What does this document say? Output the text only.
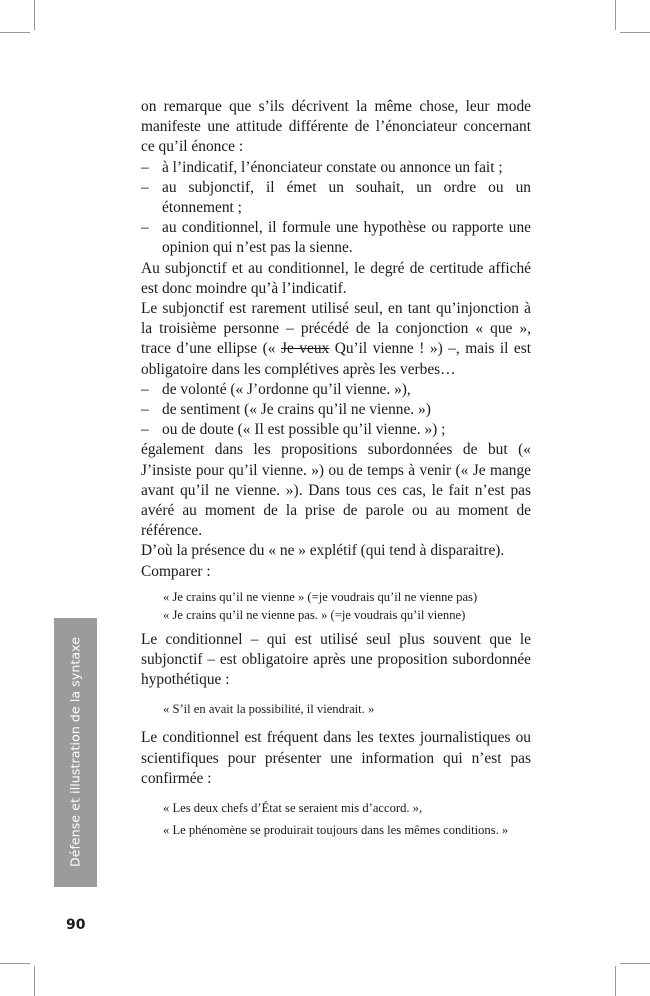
on remarque que s’ils décrivent la même chose, leur mode manifeste une attitude différente de l’énonciateur concernant ce qu’il énonce :

– à l’indicatif, l’énonciateur constate ou annonce un fait ;
– au subjonctif, il émet un souhait, un ordre ou un étonnement ;
– au conditionnel, il formule une hypothèse ou rapporte une opinion qui n’est pas la sienne.

Au subjonctif et au conditionnel, le degré de certitude affiché est donc moindre qu’à l’indicatif.

Le subjonctif est rarement utilisé seul, en tant qu’injonction à la troisième personne – précédé de la conjonction « que », trace d’une ellipse (« Je veux Qu’il vienne ! ») –, mais il est obligatoire dans les complétives après les verbes…

– de volonté (« J’ordonne qu’il vienne. »),
– de sentiment (« Je crains qu’il ne vienne. »)
– ou de doute (« Il est possible qu’il vienne. ») ;

également dans les propositions subordonnées de but (« J’insiste pour qu’il vienne. ») ou de temps à venir (« Je mange avant qu’il ne vienne. »). Dans tous ces cas, le fait n’est pas avéré au moment de la prise de parole ou au moment de référence.

D’où la présence du « ne » explétif (qui tend à disparaitre).

Comparer :

« Je crains qu’il ne vienne » (=je voudrais qu’il ne vienne pas)

« Je crains qu’il ne vienne pas. » (=je voudrais qu’il vienne)

Le conditionnel – qui est utilisé seul plus souvent que le subjonctif – est obligatoire après une proposition subordonnée hypothétique :

« S’il en avait la possibilité, il viendrait. »

Le conditionnel est fréquent dans les textes journalistiques ou scientifiques pour présenter une information qui n’est pas confirmée :

« Les deux chefs d’État se seraient mis d’accord. »,

« Le phénomène se produirait toujours dans les mêmes conditions. »

Défense et illustration de la syntaxe
90
